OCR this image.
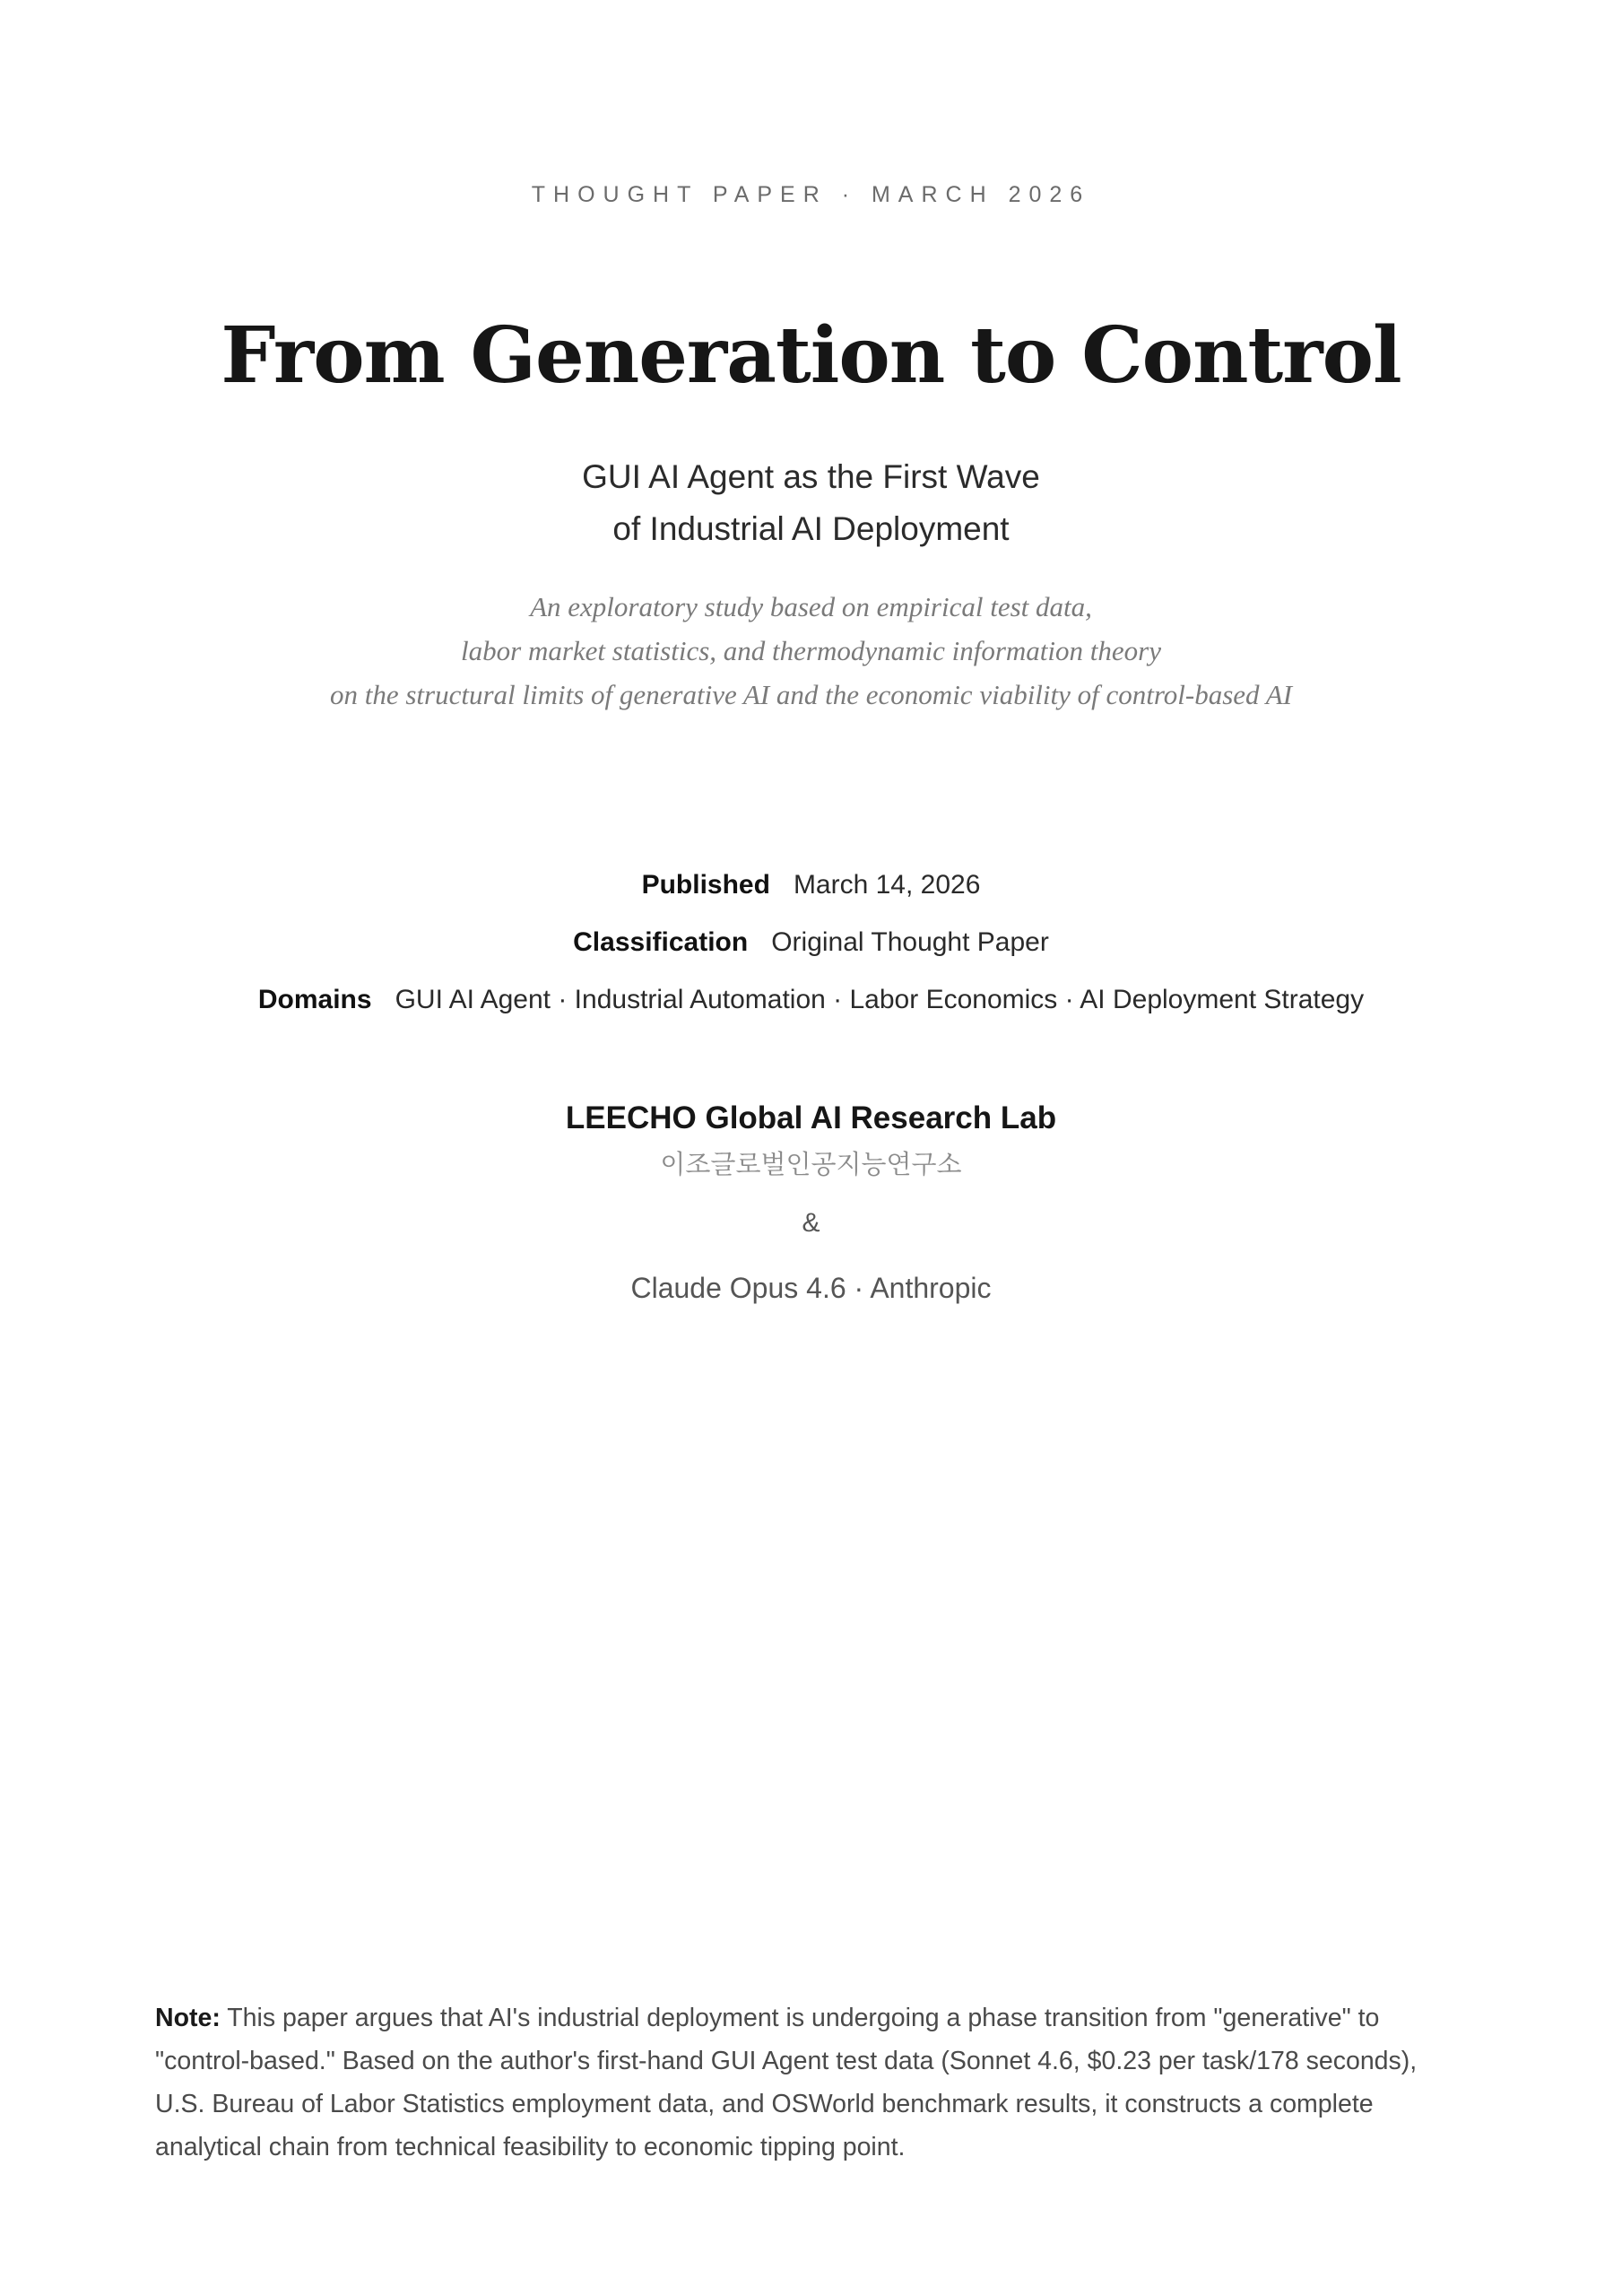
THOUGHT PAPER · MARCH 2026
From Generation to Control
GUI AI Agent as the First Wave
of Industrial AI Deployment
An exploratory study based on empirical test data,
labor market statistics, and thermodynamic information theory
on the structural limits of generative AI and the economic viability of control-based AI
Published March 14, 2026
Classification Original Thought Paper
Domains GUI AI Agent · Industrial Automation · Labor Economics · AI Deployment Strategy
LEECHO Global AI Research Lab
이조글로벌인공지능연구소
&
Claude Opus 4.6 · Anthropic
Note: This paper argues that AI's industrial deployment is undergoing a phase transition from "generative" to
"control-based." Based on the author's first-hand GUI Agent test data (Sonnet 4.6, $0.23 per task/178 seconds),
U.S. Bureau of Labor Statistics employment data, and OSWorld benchmark results, it constructs a complete
analytical chain from technical feasibility to economic tipping point.
